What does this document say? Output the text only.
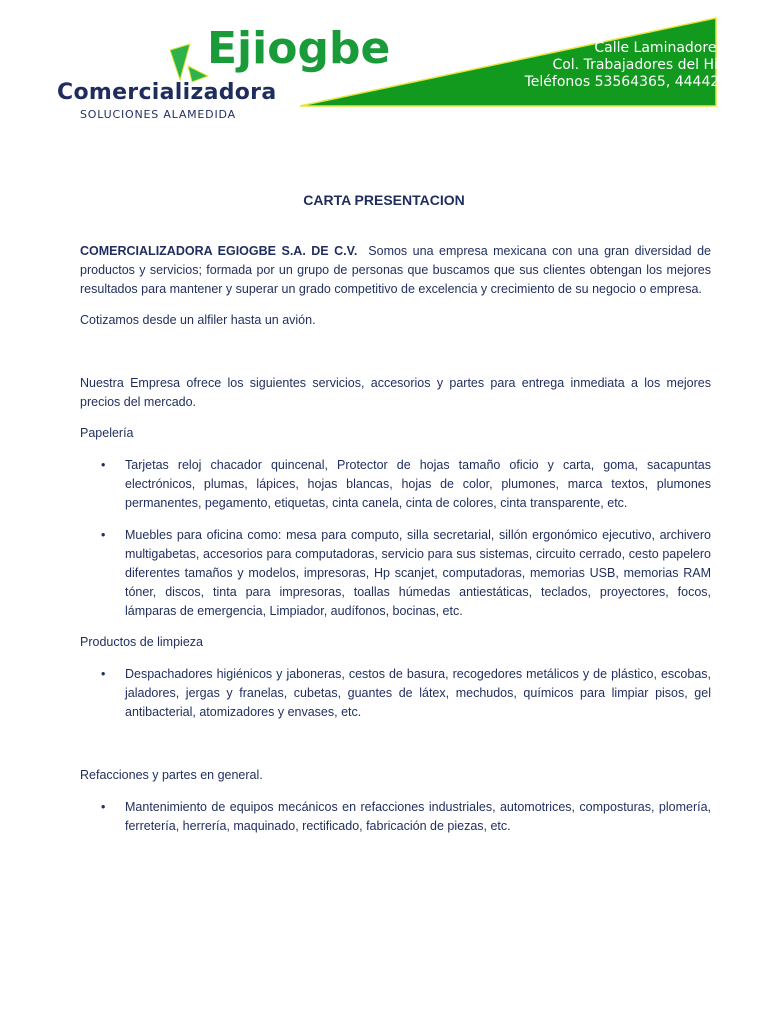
Ejiogbe
Comercializadora
SOLUCIONES ALAMEDIDA
Calle Laminadores 47
Col. Trabajadores del Hierro
Teléfonos 53564365, 44442182
CARTA PRESENTACION

COMERCIALIZADORA EGIOGBE S.A. DE C.V. Somos una empresa mexicana con una gran diversidad de productos y servicios; formada por un grupo de personas que buscamos que sus clientes obtengan los mejores resultados para mantener y superar un grado competitivo de excelencia y crecimiento de su negocio o empresa.

Cotizamos desde un alfiler hasta un avión.

Nuestra Empresa ofrece los siguientes servicios, accesorios y partes para entrega inmediata a los mejores precios del mercado.

Papelería

• Tarjetas reloj chacador quincenal, Protector de hojas tamaño oficio y carta, goma, sacapuntas electrónicos, plumas, lápices, hojas blancas, hojas de color, plumones, marca textos, plumones permanentes, pegamento, etiquetas, cinta canela, cinta de colores, cinta transparente, etc.
• Muebles para oficina como: mesa para computo, silla secretarial, sillón ergonómico ejecutivo, archivero multigabetas, accesorios para computadoras, servicio para sus sistemas, circuito cerrado, cesto papelero diferentes tamaños y modelos, impresoras, Hp scanjet, computadoras, memorias USB, memorias RAM tóner, discos, tinta para impresoras, toallas húmedas antiestáticas, teclados, proyectores, focos, lámparas de emergencia, Limpiador, audífonos, bocinas, etc.

Productos de limpieza

• Despachadores higiénicos y jaboneras, cestos de basura, recogedores metálicos y de plástico, escobas, jaladores, jergas y franelas, cubetas, guantes de látex, mechudos, químicos para limpiar pisos, gel antibacterial, atomizadores y envases, etc.

Refacciones y partes en general.

• Mantenimiento de equipos mecánicos en refacciones industriales, automotrices, composturas, plomería, ferretería, herrería, maquinado, rectificado, fabricación de piezas, etc.
